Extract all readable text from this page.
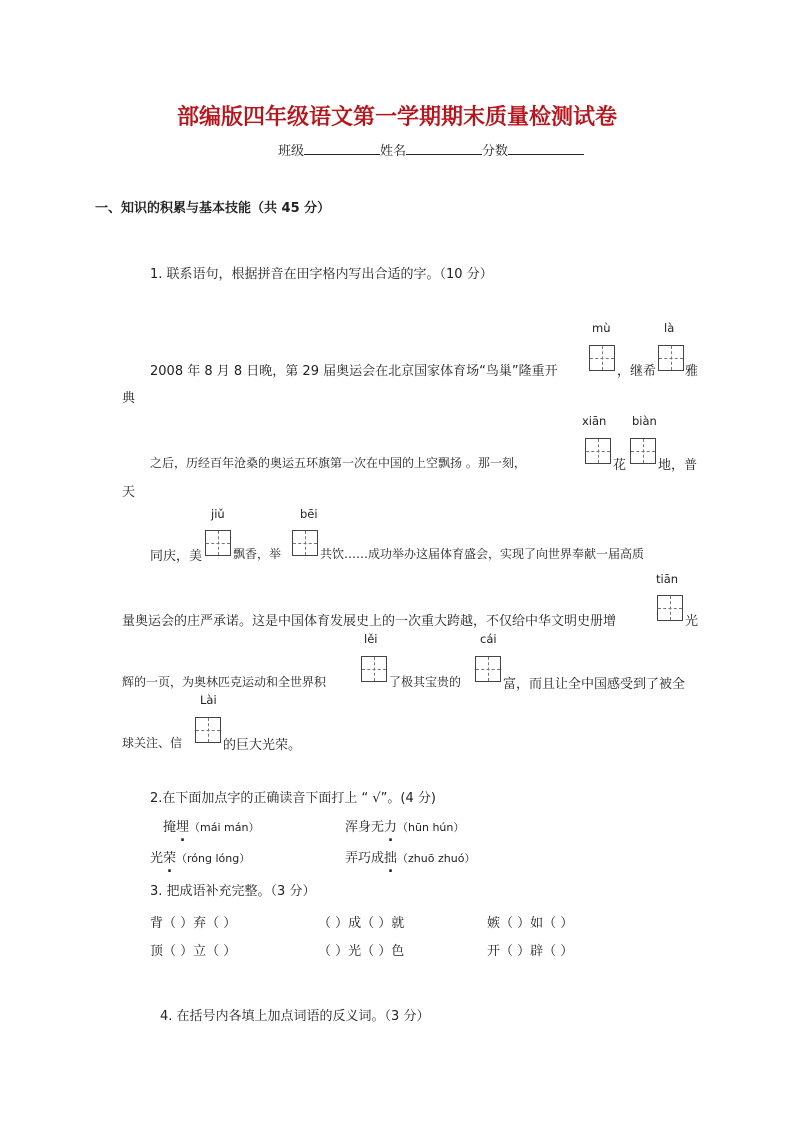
部编版四年级语文第一学期期末质量检测试卷
班级	姓名	分数
一、知识的积累与基本技能（共 45 分）
1. 联系语句，根据拼音在田字格内写出合适的字。（10 分）
mù	là
2008 年 8 月 8 日晚，第 29 届奥运会在北京国家体育场“鸟巢”隆重开	，继希 雅
典
xiān biàn
之后，历经百年沧桑的奥运五环旗第一次在中国的上空飘扬 。那一刻，	花 地，普
天
jiǔ	bēi
同庆，美	飘香，举	共饮……成功举办这届体育盛会，实现了向世界奉献一届高质
tiān
量奥运会的庄严承诺。这是中国体育发展史上的一次重大跨越，不仅给中华文明史册增	光
lěi	cái
辉的一页，为奥林匹克运动和全世界积	了极其宝贵的	富，而且让全中国感受到了被全
Lài
球关注、信	的巨大光荣。
2.在下面加点字的正确读音下面打上 “ √”。(4 分)
掩埋（mái mán）	浑身无力（hūn hún）
光荣（róng lóng）	弄巧成拙（zhuō zhuó）
3. 把成语补充完整。（3 分）
背（ ）弃（ ）	（ ）成（ ）就	嫉（ ）如（ ）
顶（ ）立（ ）	（ ）光（ ）色	开（ ）辟（ ）
4. 在括号内各填上加点词语的反义词。（3 分）
